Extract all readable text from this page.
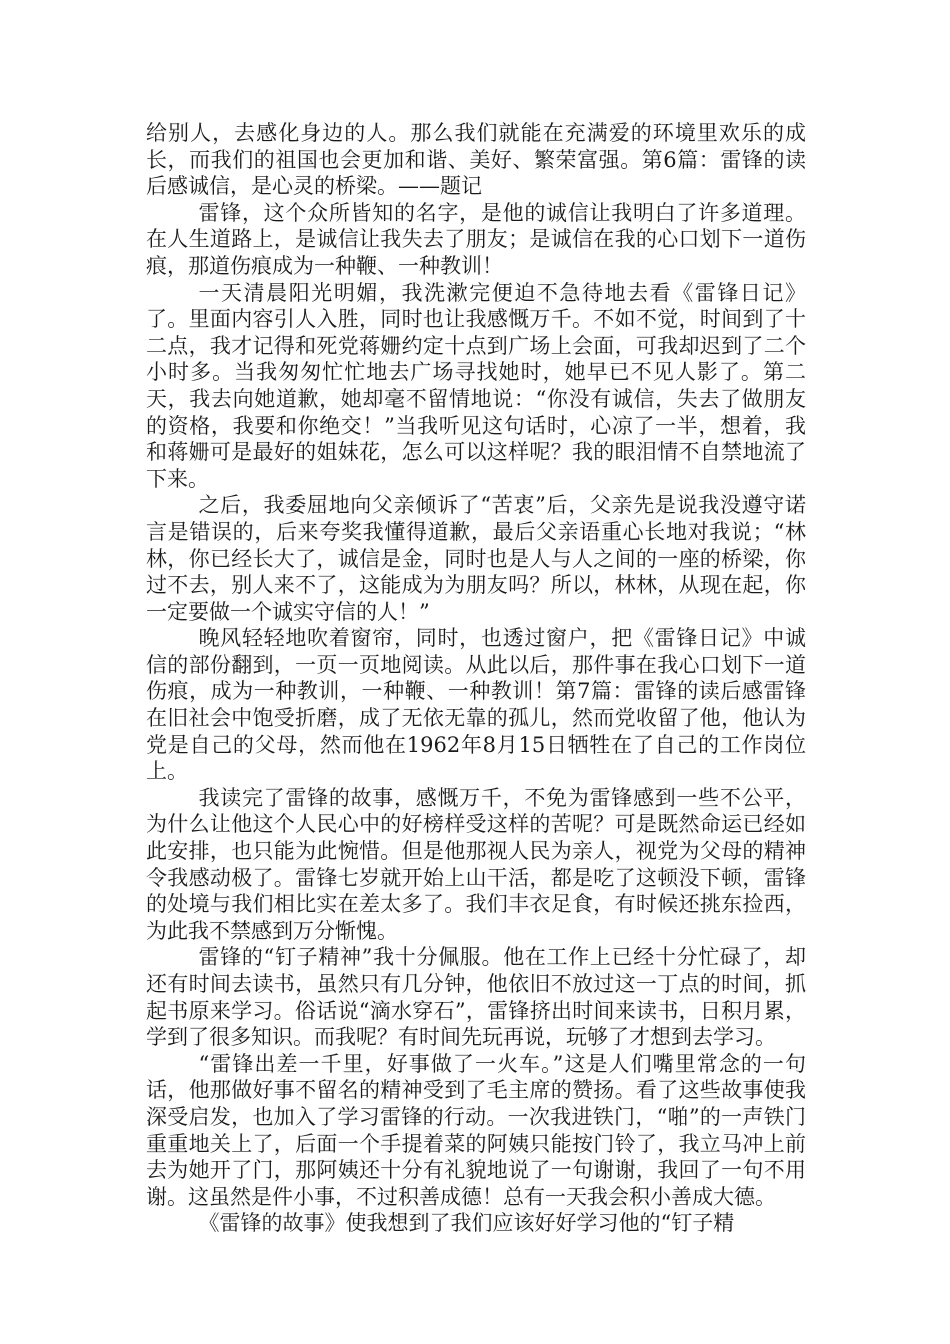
给别人，去感化身边的人。那么我们就能在充满爱的环境里欢乐的成长，而我们的祖国也会更加和谐、美好、繁荣富强。第6篇：雷锋的读后感诚信，是心灵的桥梁。——题记

雷锋，这个众所皆知的名字，是他的诚信让我明白了许多道理。在人生道路上，是诚信让我失去了朋友；是诚信在我的心口划下一道伤痕，那道伤痕成为一种鞭、一种教训！

一天清晨阳光明媚，我洗漱完便迫不急待地去看《雷锋日记》了。里面内容引人入胜，同时也让我感慨万千。不如不觉，时间到了十二点，我才记得和死党蒋姗约定十点到广场上会面，可我却迟到了二个小时多。当我匆匆忙忙地去广场寻找她时，她早已不见人影了。第二天，我去向她道歉，她却毫不留情地说：“你没有诚信，失去了做朋友的资格，我要和你绝交！”当我听见这句话时，心凉了一半，想着，我和蒋姗可是最好的姐妹花，怎么可以这样呢？我的眼泪情不自禁地流了下来。

之后，我委屈地向父亲倾诉了“苦衷”后，父亲先是说我没遵守诺言是错误的，后来夸奖我懂得道歉，最后父亲语重心长地对我说；“林林，你已经长大了，诚信是金，同时也是人与人之间的一座的桥梁，你过不去，别人来不了，这能成为为朋友吗？所以，林林，从现在起，你一定要做一个诚实守信的人！”

晚风轻轻地吹着窗帘，同时，也透过窗户，把《雷锋日记》中诚信的部份翻到，一页一页地阅读。从此以后，那件事在我心口划下一道伤痕，成为一种教训，一种鞭、一种教训！第7篇：雷锋的读后感雷锋在旧社会中饱受折磨，成了无依无靠的孤儿，然而党收留了他，他认为党是自己的父母，然而他在1962年8月15日牺牲在了自己的工作岗位上。

我读完了雷锋的故事，感慨万千，不免为雷锋感到一些不公平，为什么让他这个人民心中的好榜样受这样的苦呢？可是既然命运已经如此安排，也只能为此惋惜。但是他那视人民为亲人，视党为父母的精神令我感动极了。雷锋七岁就开始上山干活，都是吃了这顿没下顿，雷锋的处境与我们相比实在差太多了。我们丰衣足食，有时候还挑东捡西，为此我不禁感到万分惭愧。

雷锋的“钉子精神”我十分佩服。他在工作上已经十分忙碌了，却还有时间去读书，虽然只有几分钟，他依旧不放过这一丁点的时间，抓起书原来学习。俗话说“滴水穿石”，雷锋挤出时间来读书，日积月累，学到了很多知识。而我呢？有时间先玩再说，玩够了才想到去学习。

“雷锋出差一千里，好事做了一火车。”这是人们嘴里常念的一句话，他那做好事不留名的精神受到了毛主席的赞扬。看了这些故事使我深受启发，也加入了学习雷锋的行动。一次我进铁门，“啪”的一声铁门重重地关上了，后面一个手提着菜的阿姨只能按门铃了，我立马冲上前去为她开了门，那阿姨还十分有礼貌地说了一句谢谢，我回了一句不用谢。这虽然是件小事，不过积善成德！总有一天我会积小善成大德。

《雷锋的故事》使我想到了我们应该好好学习他的“钉子精
